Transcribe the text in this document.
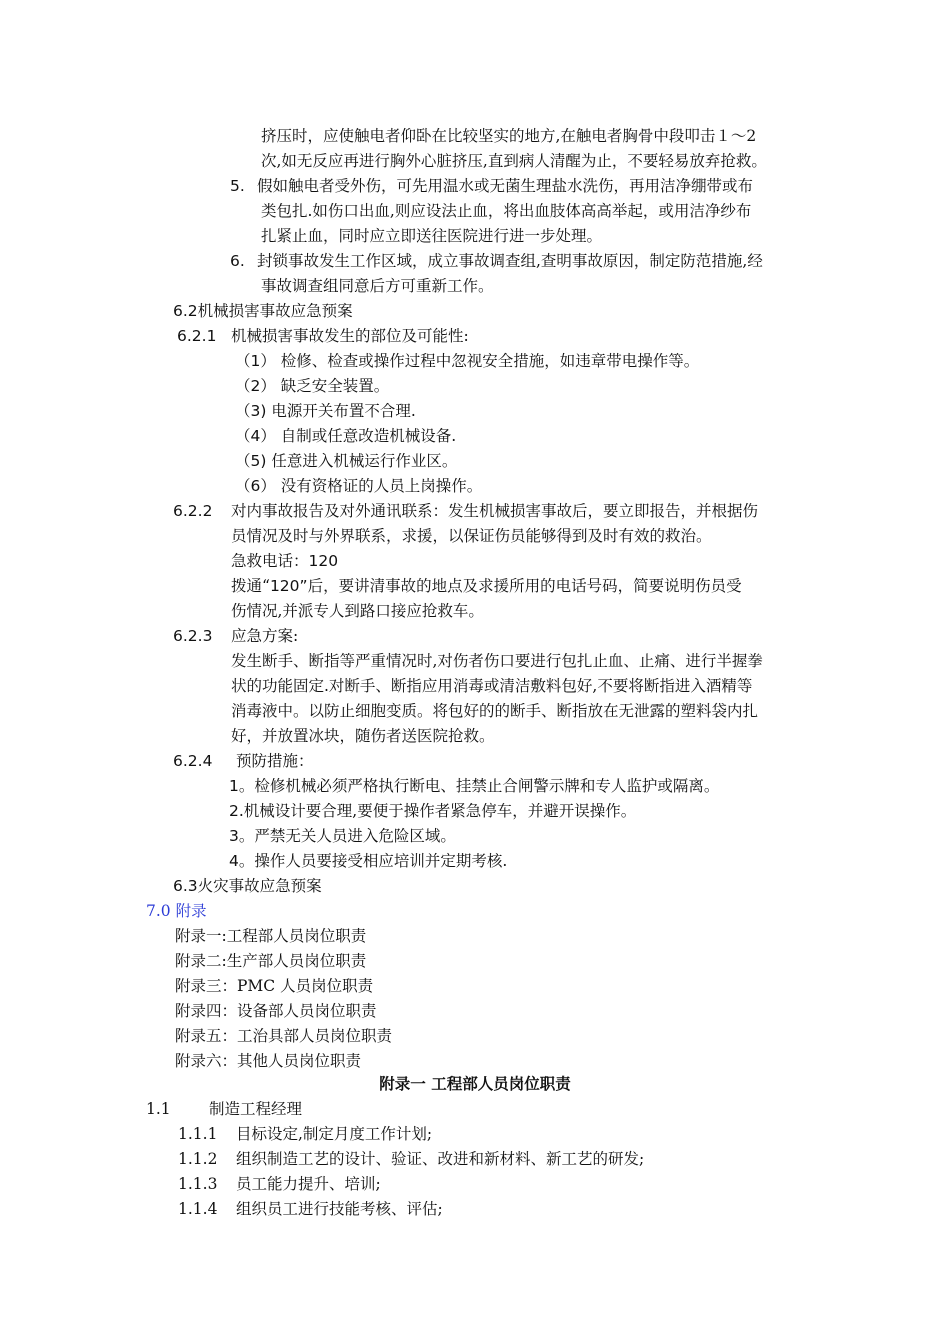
挤压时，应使触电者仰卧在比较坚实的地方,在触电者胸骨中段叩击１～2
次,如无反应再进行胸外心脏挤压,直到病人清醒为止，不要轻易放弃抢救。
5. 假如触电者受外伤，可先用温水或无菌生理盐水洗伤，再用洁净绷带或布
类包扎.如伤口出血,则应设法止血，将出血肢体高高举起，或用洁净纱布
扎紧止血，同时应立即送往医院进行进一步处理。
6. 封锁事故发生工作区域，成立事故调查组,查明事故原因，制定防范措施,经
事故调查组同意后方可重新工作。
6.2机械损害事故应急预案
6.2.1 机械损害事故发生的部位及可能性:
（1） 检修、检查或操作过程中忽视安全措施，如违章带电操作等。
（2） 缺乏安全装置。
（3) 电源开关布置不合理.
（4） 自制或任意改造机械设备.
（5) 任意进入机械运行作业区。
（6） 没有资格证的人员上岗操作。
6.2.2 对内事故报告及对外通讯联系：发生机械损害事故后，要立即报告，并根据伤
员情况及时与外界联系，求援，以保证伤员能够得到及时有效的救治。
急救电话：120
拨通“120”后，要讲清事故的地点及求援所用的电话号码，简要说明伤员受
伤情况,并派专人到路口接应抢救车。
6.2.3 应急方案:
发生断手、断指等严重情况时,对伤者伤口要进行包扎止血、止痛、进行半握拳
状的功能固定.对断手、断指应用消毒或清洁敷料包好,不要将断指进入酒精等
消毒液中。以防止细胞变质。将包好的的断手、断指放在无泄露的塑料袋内扎
好，并放置冰块，随伤者送医院抢救。
6.2.4 预防措施：
1。检修机械必须严格执行断电、挂禁止合闸警示牌和专人监护或隔离。
2.机械设计要合理,要便于操作者紧急停车，并避开误操作。
3。严禁无关人员进入危险区域。
4。操作人员要接受相应培训并定期考核.
6.3火灾事故应急预案
7.0 附录
附录一:工程部人员岗位职责
附录二:生产部人员岗位职责
附录三：PMC 人员岗位职责
附录四：设备部人员岗位职责
附录五：工治具部人员岗位职责
附录六：其他人员岗位职责
附录一 工程部人员岗位职责
1.1 制造工程经理
1.1.1 目标设定,制定月度工作计划;
1.1.2 组织制造工艺的设计、验证、改进和新材料、新工艺的研发;
1.1.3 员工能力提升、培训;
1.1.4 组织员工进行技能考核、评估;
